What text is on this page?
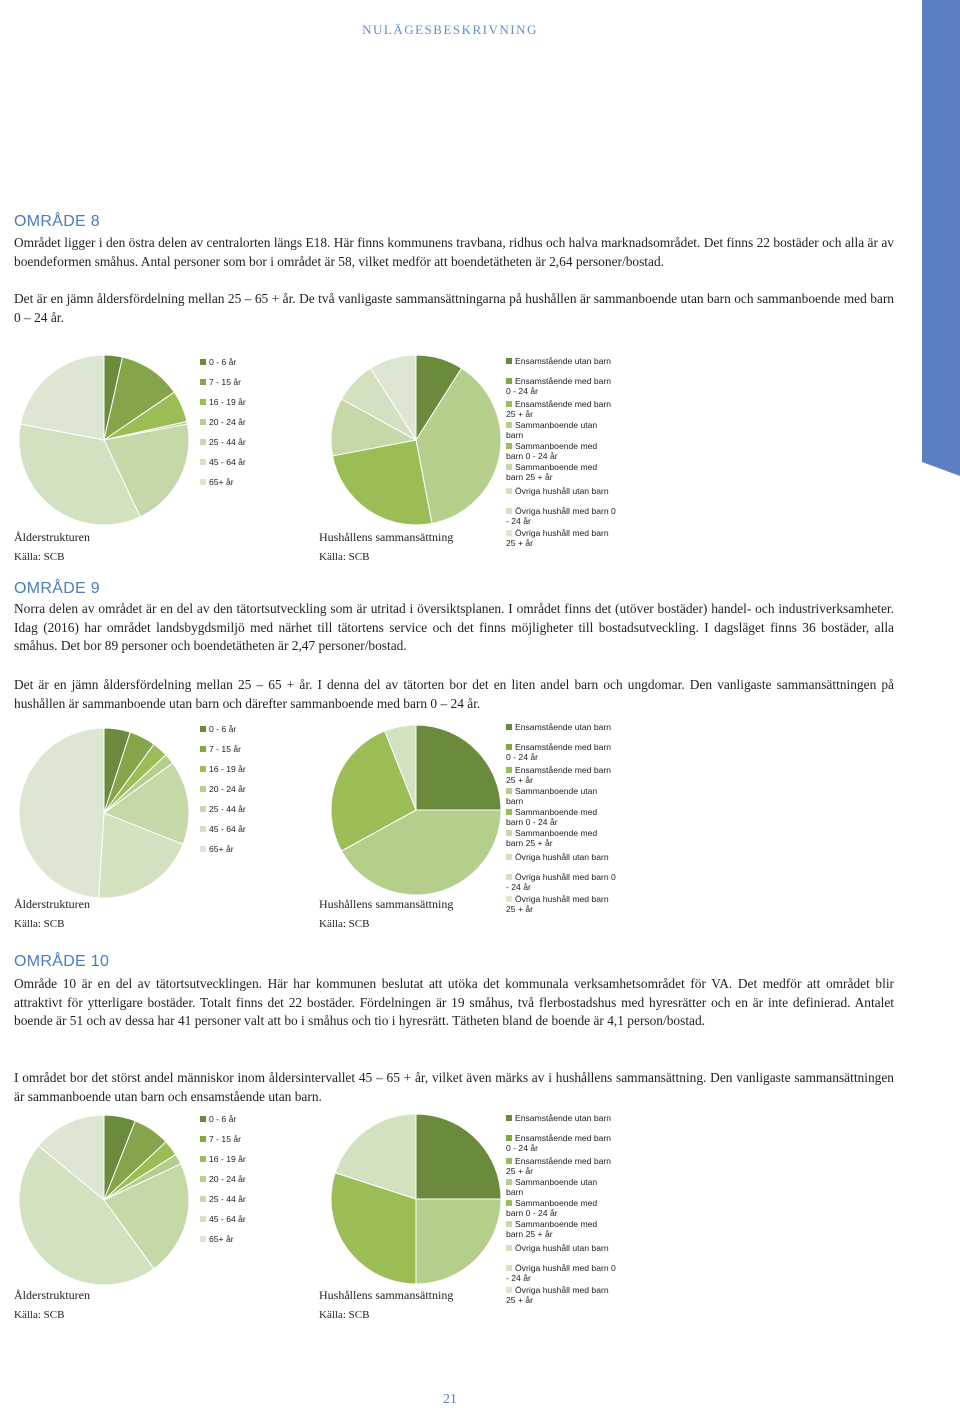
NULÄGESBESKRIVNING
OMRÅDE 8
Området ligger i den östra delen av centralorten längs E18. Här finns kommunens travbana, ridhus och halva marknadsområdet. Det finns 22 bostäder och alla är av boendeformen småhus. Antal personer som bor i området är 58, vilket medför att boendetätheten är 2,64 personer/bostad.
Det är en jämn åldersfördelning mellan 25 – 65 + år. De två vanligaste sammansättningarna på hushållen är sammanboende utan barn och sammanboende med barn 0 – 24 år.
0 - 6 år
7 - 15 år
16 - 19 år
20 - 24 år
25 - 44 år
45 - 64 år
65+ år
Ensamstående utan barn
Ensamstående med barn 0 - 24 år
Ensamstående med barn 25 + år
Sammanboende utan barn
Sammanboende med barn 0 - 24 år
Sammanboende med barn 25 + år
Övriga hushåll utan barn
Övriga hushåll med barn 0 - 24 år
Övriga hushåll med barn 25 + år
Ålderstrukturen
Källa: SCB
Hushållens sammansättning
Källa: SCB
OMRÅDE 9
Norra delen av området är en del av den tätortsutveckling som är utritad i översiktsplanen. I området finns det (utöver bostäder) handel- och industriverksamheter. Idag (2016) har området landsbygdsmiljö med närhet till tätortens service och det finns möjligheter till bostadsutveckling. I dagsläget finns 36 bostäder, alla småhus. Det bor 89 personer och boendetätheten är 2,47 personer/bostad.
Det är en jämn åldersfördelning mellan 25 – 65 + år. I denna del av tätorten bor det en liten andel barn och ungdomar. Den vanligaste sammansättningen på hushållen är sammanboende utan barn och därefter sammanboende med barn 0 – 24 år.
0 - 6 år
7 - 15 år
16 - 19 år
20 - 24 år
25 - 44 år
45 - 64 år
65+ år
Ensamstående utan barn
Ensamstående med barn 0 - 24 år
Ensamstående med barn 25 + år
Sammanboende utan barn
Sammanboende med barn 0 - 24 år
Sammanboende med barn 25 + år
Övriga hushåll utan barn
Övriga hushåll med barn 0 - 24 år
Övriga hushåll med barn 25 + år
Ålderstrukturen
Källa: SCB
Hushållens sammansättning
Källa: SCB
OMRÅDE 10
Område 10 är en del av tätortsutvecklingen. Här har kommunen beslutat att utöka det kommunala verksamhetsområdet för VA. Det medför att området blir attraktivt för ytterligare bostäder. Totalt finns det 22 bostäder. Fördelningen är 19 småhus, två flerbostadshus med hyresrätter och en är inte definierad. Antalet boende är 51 och av dessa har 41 personer valt att bo i småhus och tio i hyresrätt. Tätheten bland de boende är 4,1 person/bostad.
I området bor det störst andel människor inom åldersintervallet 45 – 65 + år, vilket även märks av i hushållens sammansättning. Den vanligaste sammansättningen är sammanboende utan barn och ensamstående utan barn.
0 - 6 år
7 - 15 år
16 - 19 år
20 - 24 år
25 - 44 år
45 - 64 år
65+ år
Ensamstående utan barn
Ensamstående med barn 0 - 24 år
Ensamstående med barn 25 + år
Sammanboende utan barn
Sammanboende med barn 0 - 24 år
Sammanboende med barn 25 + år
Övriga hushåll utan barn
Övriga hushåll med barn 0 - 24 år
Övriga hushåll med barn 25 + år
Ålderstrukturen
Källa: SCB
Hushållens sammansättning
Källa: SCB
21
